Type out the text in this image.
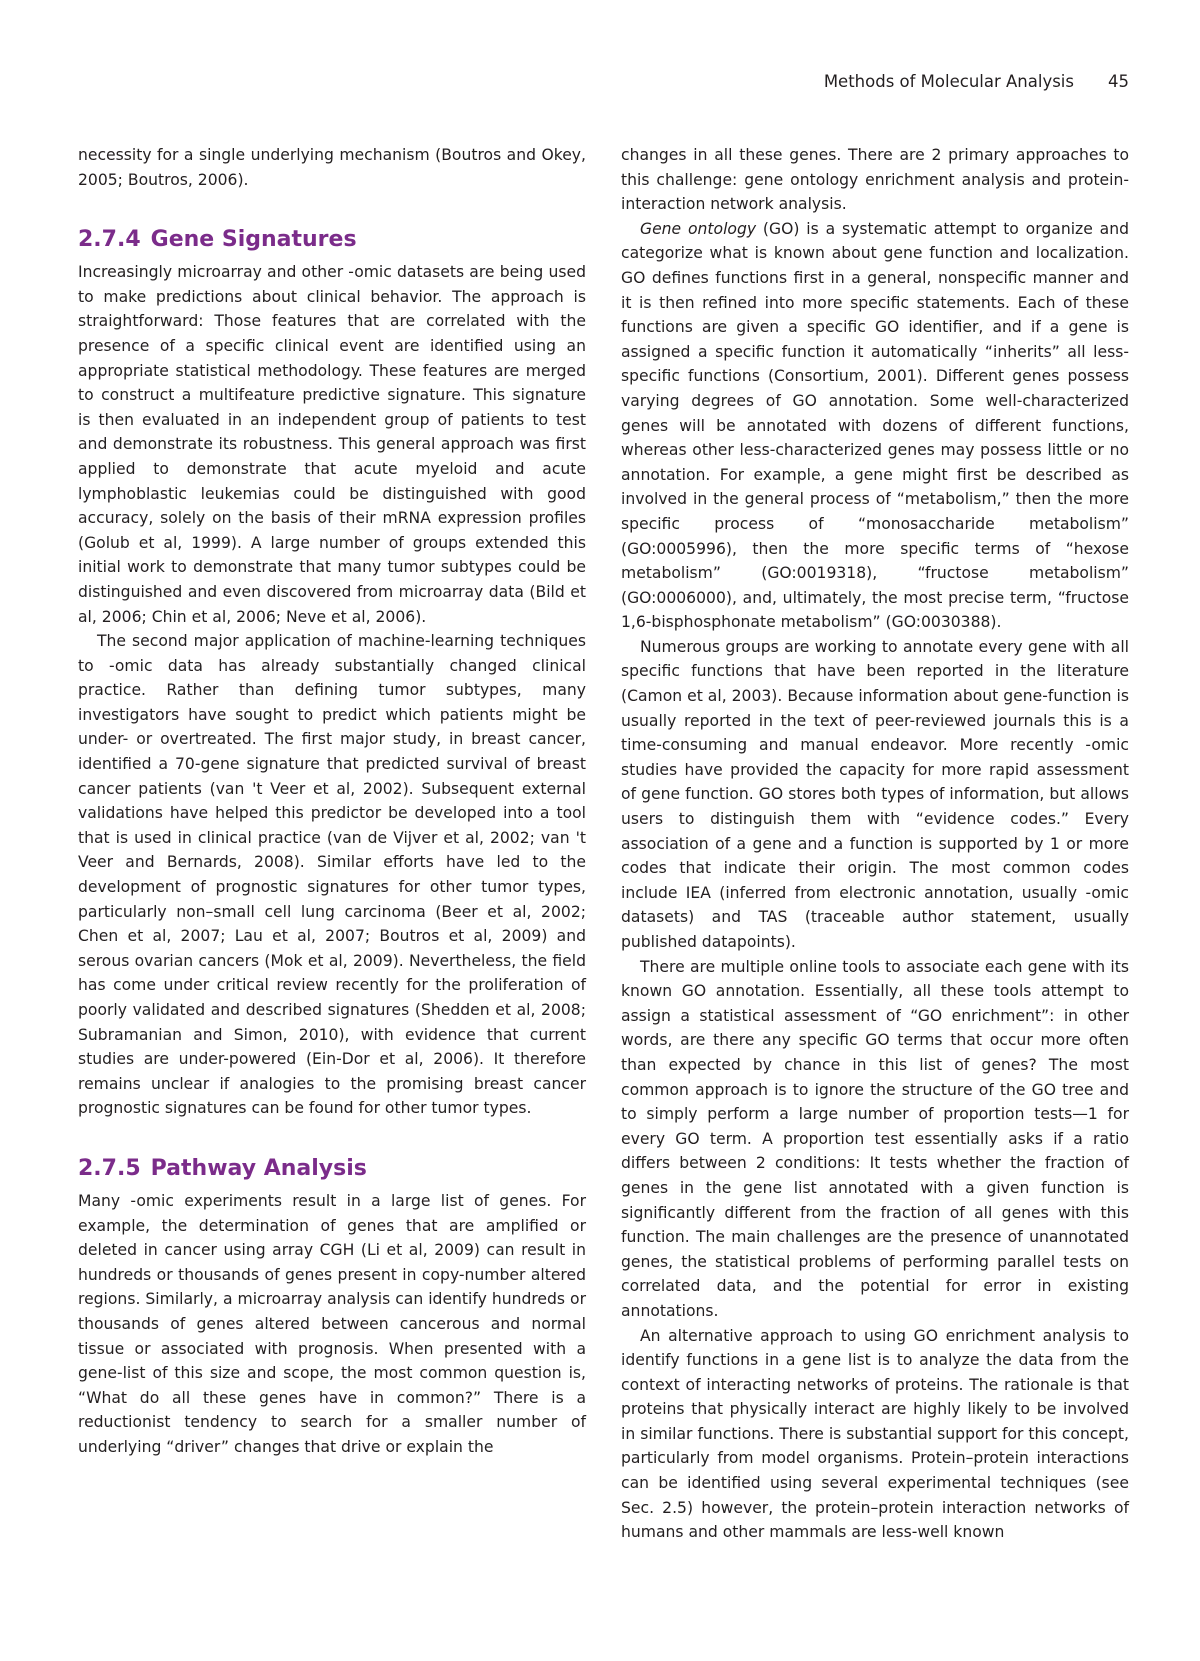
Methods of Molecular Analysis 45

necessity for a single underlying mechanism (Boutros and Okey, 2005; Boutros, 2006).

2.7.4 Gene Signatures

Increasingly microarray and other -omic datasets are being used to make predictions about clinical behavior. The approach is straightforward: Those features that are correlated with the presence of a specific clinical event are identified using an appropriate statistical methodology. These features are merged to construct a multifeature predictive signature. This signature is then evaluated in an independent group of patients to test and demonstrate its robustness. This general approach was first applied to demonstrate that acute myeloid and acute lymphoblastic leukemias could be distinguished with good accuracy, solely on the basis of their mRNA expression profiles (Golub et al, 1999). A large number of groups extended this initial work to demonstrate that many tumor subtypes could be distinguished and even discovered from microarray data (Bild et al, 2006; Chin et al, 2006; Neve et al, 2006).

The second major application of machine-learning techniques to -omic data has already substantially changed clinical practice. Rather than defining tumor subtypes, many investigators have sought to predict which patients might be under- or overtreated. The first major study, in breast cancer, identified a 70-gene signature that predicted survival of breast cancer patients (van 't Veer et al, 2002). Subsequent external validations have helped this predictor be developed into a tool that is used in clinical practice (van de Vijver et al, 2002; van 't Veer and Bernards, 2008). Similar efforts have led to the development of prognostic signatures for other tumor types, particularly non–small cell lung carcinoma (Beer et al, 2002; Chen et al, 2007; Lau et al, 2007; Boutros et al, 2009) and serous ovarian cancers (Mok et al, 2009). Nevertheless, the field has come under critical review recently for the proliferation of poorly validated and described signatures (Shedden et al, 2008; Subramanian and Simon, 2010), with evidence that current studies are under-powered (Ein-Dor et al, 2006). It therefore remains unclear if analogies to the promising breast cancer prognostic signatures can be found for other tumor types.

2.7.5 Pathway Analysis

Many -omic experiments result in a large list of genes. For example, the determination of genes that are amplified or deleted in cancer using array CGH (Li et al, 2009) can result in hundreds or thousands of genes present in copy-number altered regions. Similarly, a microarray analysis can identify hundreds or thousands of genes altered between cancerous and normal tissue or associated with prognosis. When presented with a gene-list of this size and scope, the most common question is, “What do all these genes have in common?” There is a reductionist tendency to search for a smaller number of underlying “driver” changes that drive or explain the

changes in all these genes. There are 2 primary approaches to this challenge: gene ontology enrichment analysis and protein-interaction network analysis.

Gene ontology (GO) is a systematic attempt to organize and categorize what is known about gene function and localization. GO defines functions first in a general, nonspecific manner and it is then refined into more specific statements. Each of these functions are given a specific GO identifier, and if a gene is assigned a specific function it automatically “inherits” all less-specific functions (Consortium, 2001). Different genes possess varying degrees of GO annotation. Some well-characterized genes will be annotated with dozens of different functions, whereas other less-characterized genes may possess little or no annotation. For example, a gene might first be described as involved in the general process of “metabolism,” then the more specific process of “monosaccharide metabolism” (GO:0005996), then the more specific terms of “hexose metabolism” (GO:0019318), “fructose metabolism” (GO:0006000), and, ultimately, the most precise term, “fructose 1,6-bisphosphonate metabolism” (GO:0030388).

Numerous groups are working to annotate every gene with all specific functions that have been reported in the literature (Camon et al, 2003). Because information about gene-function is usually reported in the text of peer-reviewed journals this is a time-consuming and manual endeavor. More recently -omic studies have provided the capacity for more rapid assessment of gene function. GO stores both types of information, but allows users to distinguish them with “evidence codes.” Every association of a gene and a function is supported by 1 or more codes that indicate their origin. The most common codes include IEA (inferred from electronic annotation, usually -omic datasets) and TAS (traceable author statement, usually published datapoints).

There are multiple online tools to associate each gene with its known GO annotation. Essentially, all these tools attempt to assign a statistical assessment of “GO enrichment”: in other words, are there any specific GO terms that occur more often than expected by chance in this list of genes? The most common approach is to ignore the structure of the GO tree and to simply perform a large number of proportion tests—1 for every GO term. A proportion test essentially asks if a ratio differs between 2 conditions: It tests whether the fraction of genes in the gene list annotated with a given function is significantly different from the fraction of all genes with this function. The main challenges are the presence of unannotated genes, the statistical problems of performing parallel tests on correlated data, and the potential for error in existing annotations.

An alternative approach to using GO enrichment analysis to identify functions in a gene list is to analyze the data from the context of interacting networks of proteins. The rationale is that proteins that physically interact are highly likely to be involved in similar functions. There is substantial support for this concept, particularly from model organisms. Protein–protein interactions can be identified using several experimental techniques (see Sec. 2.5) however, the protein–protein interaction networks of humans and other mammals are less-well known
